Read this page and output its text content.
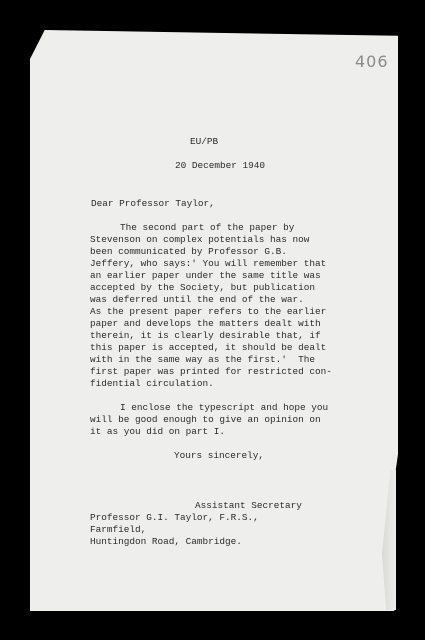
406
EU/PB
20 December 1940
Dear Professor Taylor,
The second part of the paper by
Stevenson on complex potentials has now
been communicated by Professor G.B.
Jeffery, who says:' You will remember that
an earlier paper under the same title was
accepted by the Society, but publication
was deferred until the end of the war.
As the present paper refers to the earlier
paper and develops the matters dealt with
therein, it is clearly desirable that, if
this paper is accepted, it should be dealt
with in the same way as the first.'  The
first paper was printed for restricted con-
fidential circulation.
I enclose the typescript and hope you
will be good enough to give an opinion on
it as you did on part I.
Yours sincerely,
Assistant Secretary
Professor G.I. Taylor, F.R.S.,
Farmfield,
Huntingdon Road, Cambridge.
